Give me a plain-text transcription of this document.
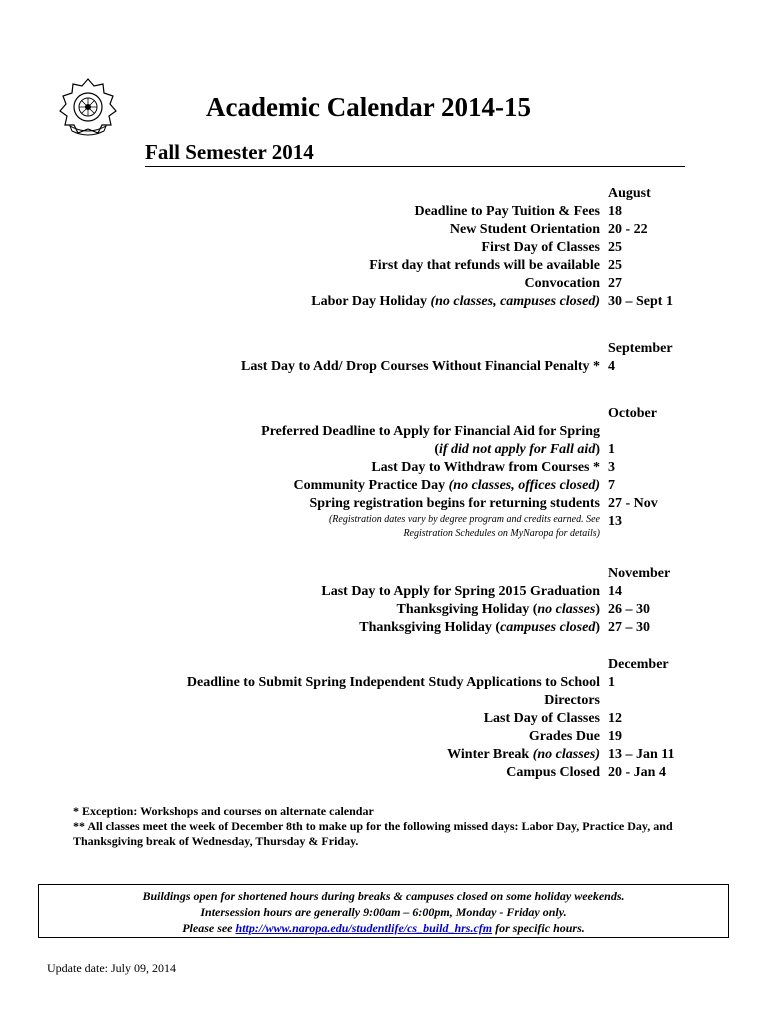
Academic Calendar 2014-15
Fall Semester 2014
August
Deadline to Pay Tuition & Fees 18
New Student Orientation 20 - 22
First Day of Classes 25
First day that refunds will be available 25
Convocation 27
Labor Day Holiday (no classes, campuses closed) 30 – Sept 1
September
Last Day to Add/ Drop Courses Without Financial Penalty * 4
October
Preferred Deadline to Apply for Financial Aid for Spring
(if did not apply for Fall aid)
1
Last Day to Withdraw from Courses * 3
Community Practice Day (no classes, offices closed) 7
Spring registration begins for returning students
(Registration dates vary by degree program and credits earned. See Registration Schedules on MyNaropa for details)
27 - Nov 13
November
Last Day to Apply for Spring 2015 Graduation 14
Thanksgiving Holiday (no classes) 26 – 30
Thanksgiving Holiday (campuses closed) 27 – 30
December
Deadline to Submit Spring Independent Study Applications to School Directors
1
Last Day of Classes 12
Grades Due 19
Winter Break (no classes) 13 – Jan 11
Campus Closed 20 - Jan 4
* Exception: Workshops and courses on alternate calendar
** All classes meet the week of December 8th to make up for the following missed days: Labor Day, Practice Day, and Thanksgiving break of Wednesday, Thursday & Friday.
Buildings open for shortened hours during breaks & campuses closed on some holiday weekends.
Intersession hours are generally 9:00am – 6:00pm, Monday - Friday only.
Please see http://www.naropa.edu/studentlife/cs_build_hrs.cfm for specific hours.
Update date: July 09, 2014
